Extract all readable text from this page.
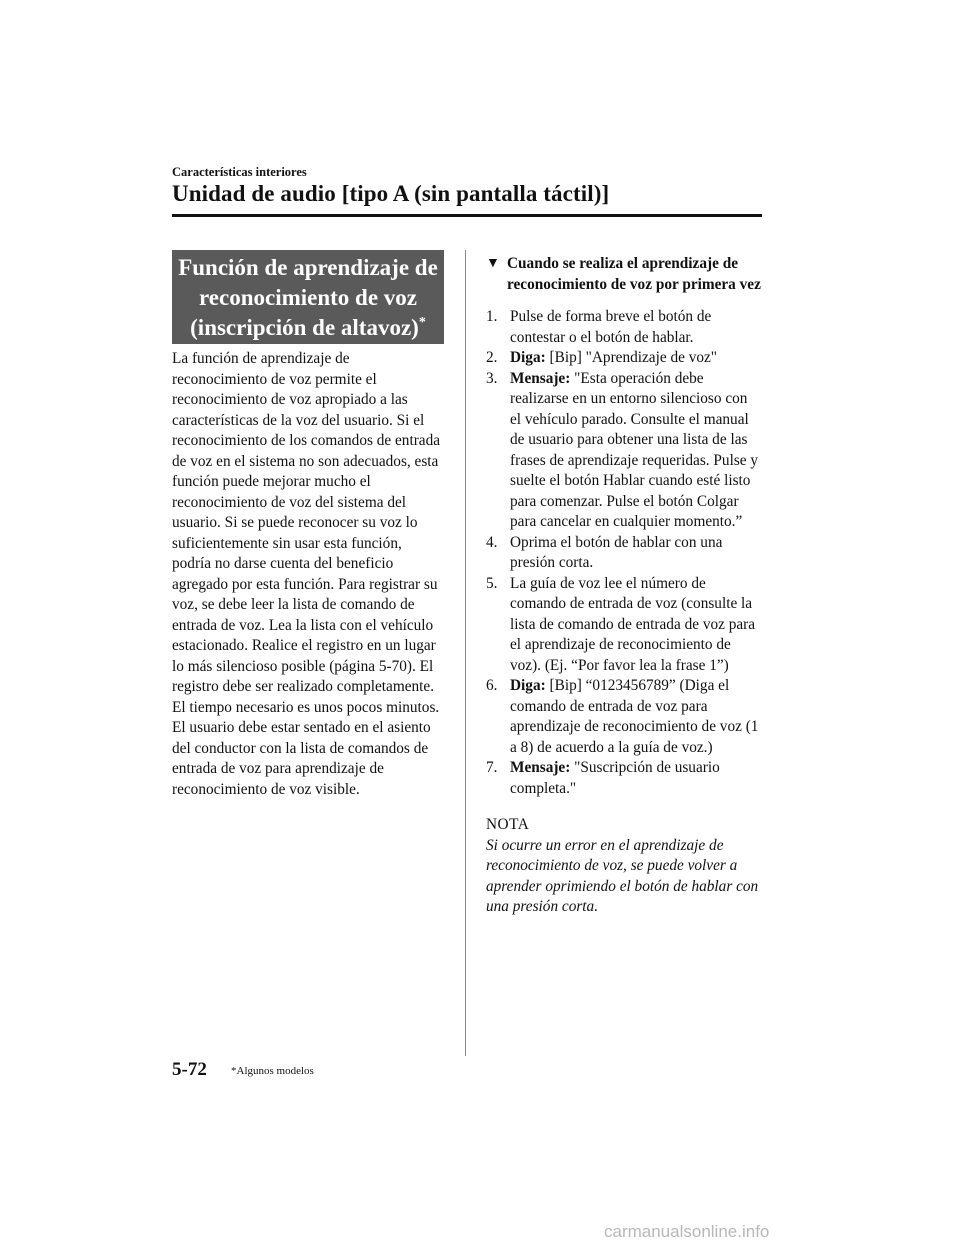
Características interiores
Unidad de audio [tipo A (sin pantalla táctil)]
Función de aprendizaje de
reconocimiento de voz
(inscripción de altavoz)*

La función de aprendizaje de reconocimiento de voz permite el reconocimiento de voz apropiado a las características de la voz del usuario. Si el reconocimiento de los comandos de entrada de voz en el sistema no son adecuados, esta función puede mejorar mucho el reconocimiento de voz del sistema del usuario. Si se puede reconocer su voz lo suficientemente sin usar esta función, podría no darse cuenta del beneficio agregado por esta función. Para registrar su voz, se debe leer la lista de comando de entrada de voz. Lea la lista con el vehículo estacionado. Realice el registro en un lugar lo más silencioso posible (página 5-70). El registro debe ser realizado completamente. El tiempo necesario es unos pocos minutos. El usuario debe estar sentado en el asiento del conductor con la lista de comandos de entrada de voz para aprendizaje de reconocimiento de voz visible.

▼ Cuando se realiza el aprendizaje de reconocimiento de voz por primera vez
1. Pulse de forma breve el botón de contestar o el botón de hablar.
2. Diga: [Bip] "Aprendizaje de voz"
3. Mensaje: "Esta operación debe realizarse en un entorno silencioso con el vehículo parado. Consulte el manual de usuario para obtener una lista de las frases de aprendizaje requeridas. Pulse y suelte el botón Hablar cuando esté listo para comenzar. Pulse el botón Colgar para cancelar en cualquier momento.”
4. Oprima el botón de hablar con una presión corta.
5. La guía de voz lee el número de comando de entrada de voz (consulte la lista de comando de entrada de voz para el aprendizaje de reconocimiento de voz). (Ej. “Por favor lea la frase 1”)
6. Diga: [Bip] “0123456789” (Diga el comando de entrada de voz para aprendizaje de reconocimiento de voz (1 a 8) de acuerdo a la guía de voz.)
7. Mensaje: "Suscripción de usuario completa."
NOTA
Si ocurre un error en el aprendizaje de reconocimiento de voz, se puede volver a aprender oprimiendo el botón de hablar con una presión corta.
5-72 *Algunos modelos
carmanualsonline.info
